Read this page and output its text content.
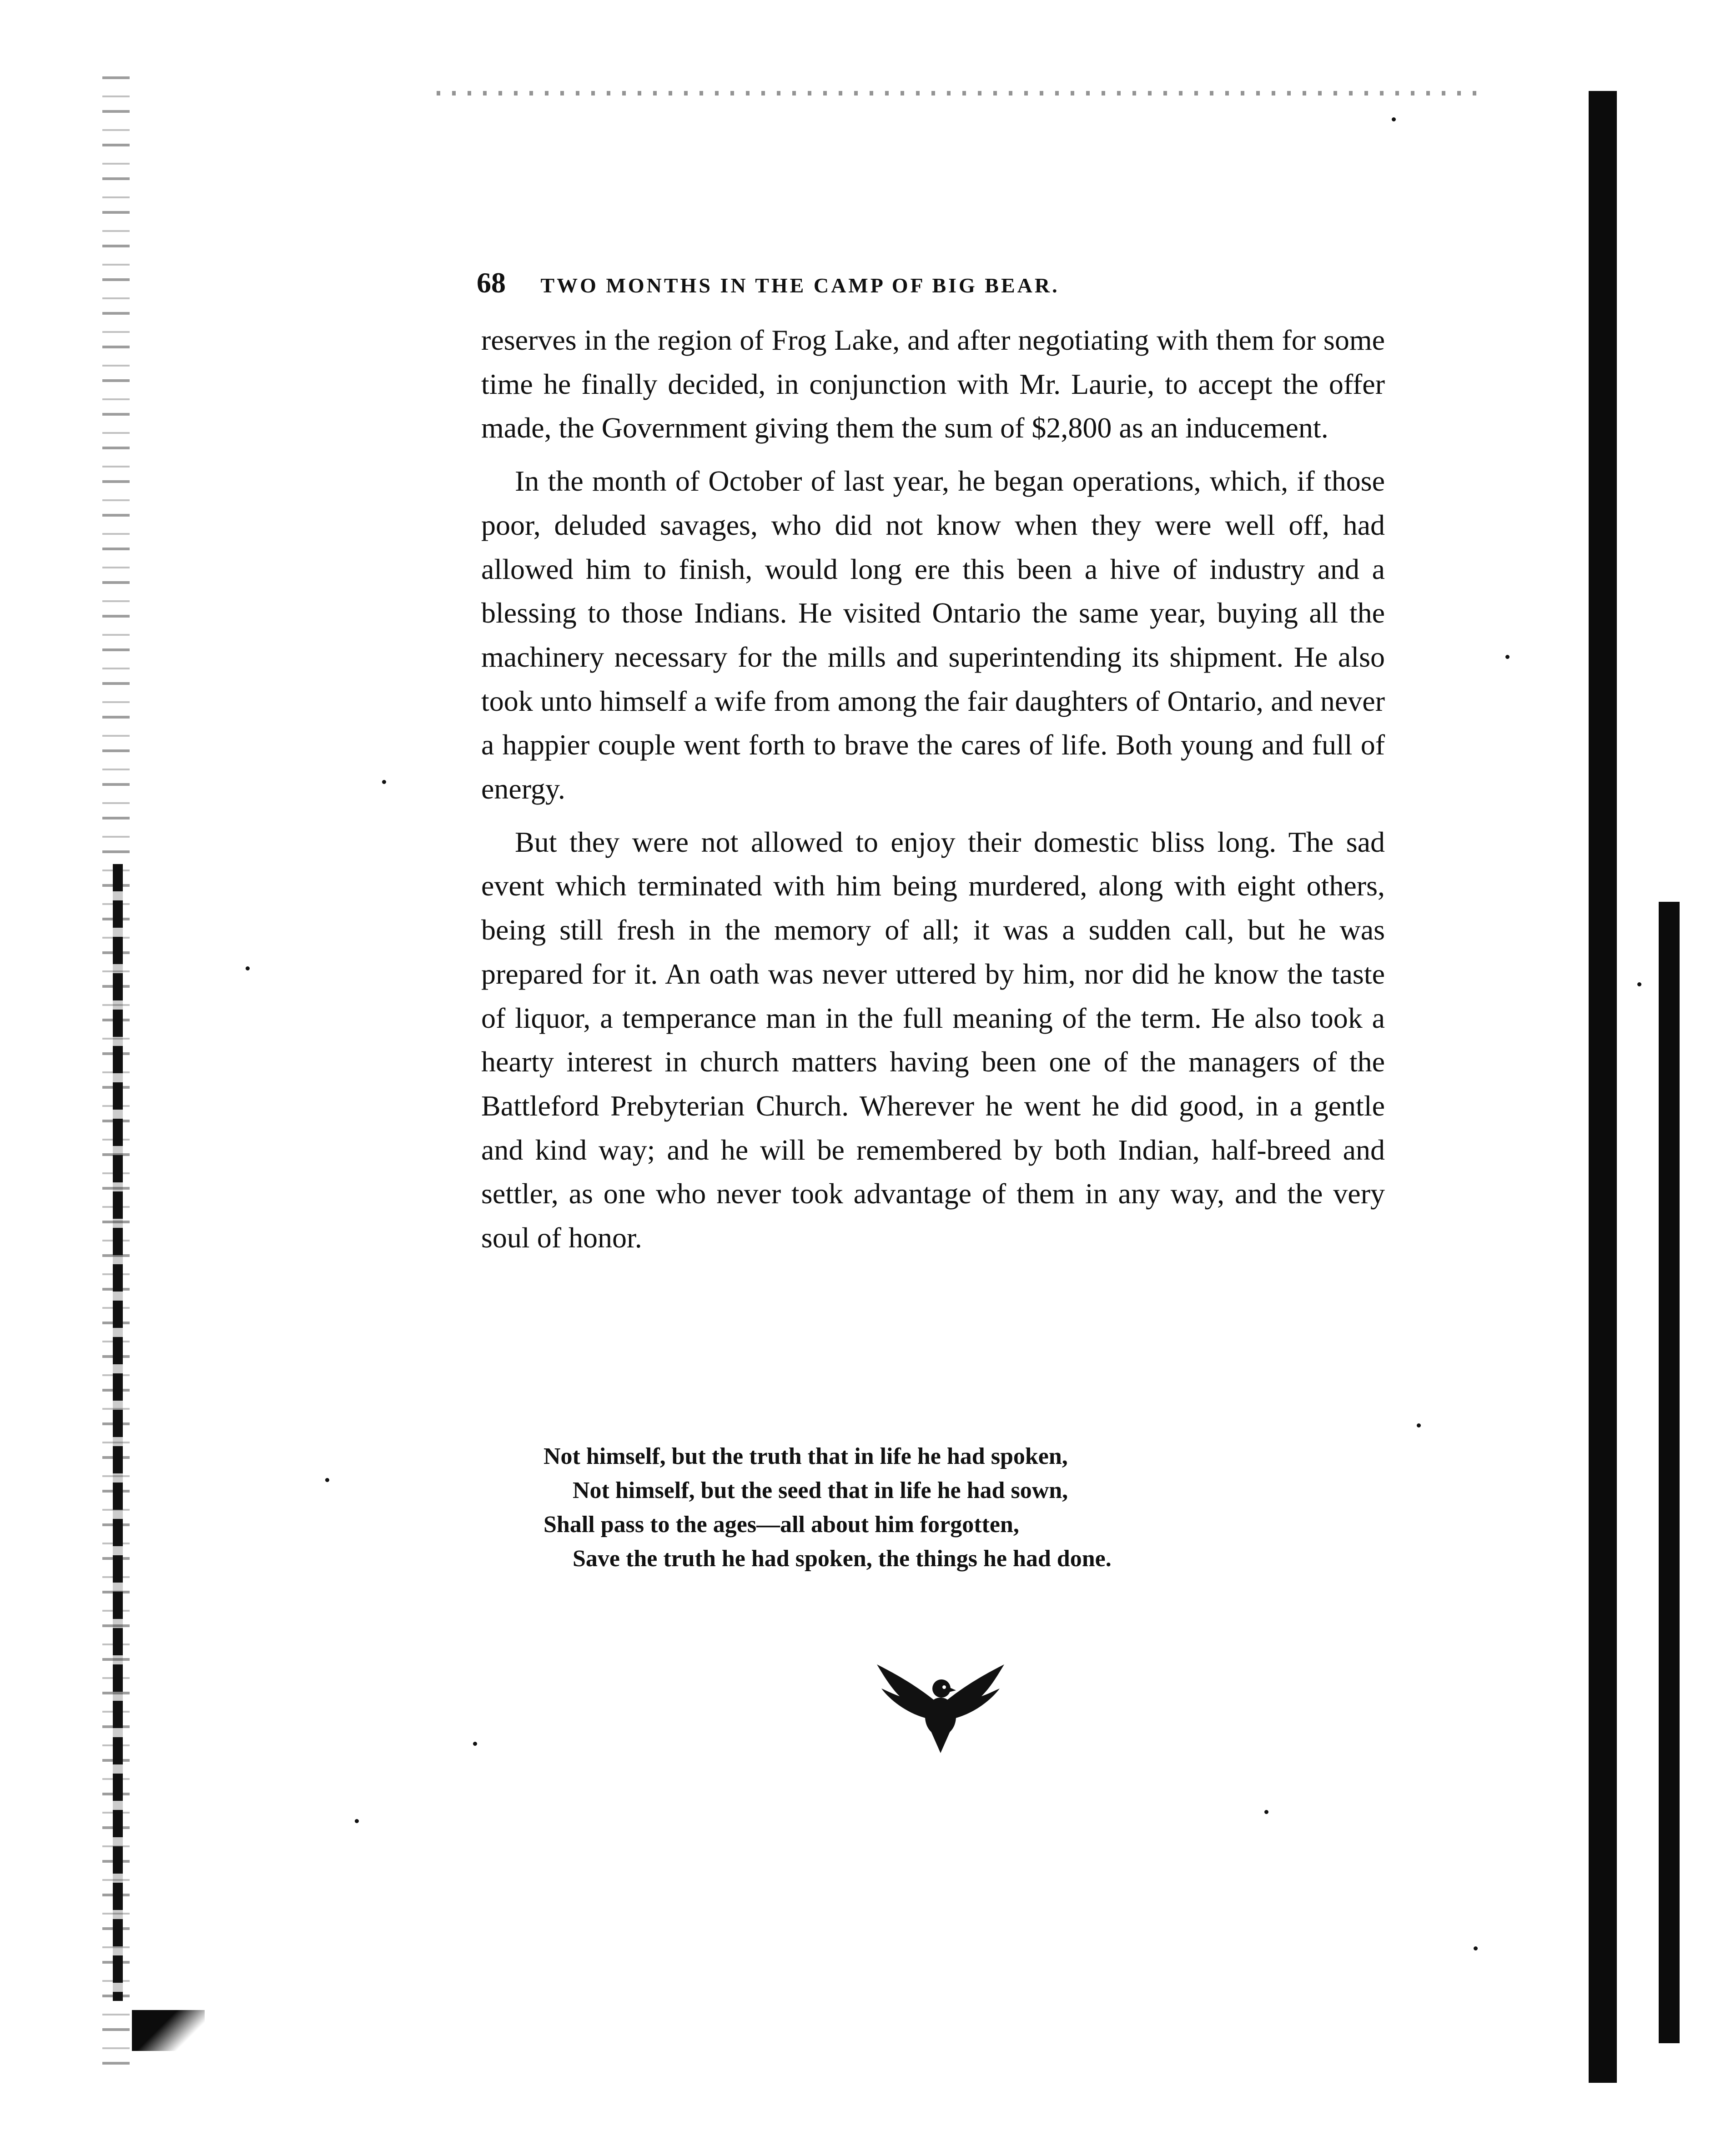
68 TWO MONTHS IN THE CAMP OF BIG BEAR.

reserves in the region of Frog Lake, and after negotiating with them for some time he finally decided, in conjunction with Mr. Laurie, to accept the offer made, the Government giving them the sum of $2,800 as an inducement.

In the month of October of last year, he began operations, which, if those poor, deluded savages, who did not know when they were well off, had allowed him to finish, would long ere this been a hive of industry and a blessing to those Indians. He visited Ontario the same year, buying all the machinery necessary for the mills and superintending its shipment. He also took unto himself a wife from among the fair daughters of Ontario, and never a happier couple went forth to brave the cares of life. Both young and full of energy.

But they were not allowed to enjoy their domestic bliss long. The sad event which terminated with him being murdered, along with eight others, being still fresh in the memory of all; it was a sudden call, but he was prepared for it. An oath was never uttered by him, nor did he know the taste of liquor, a temperance man in the full meaning of the term. He also took a hearty interest in church matters having been one of the managers of the Battleford Prebyterian Church. Wherever he went he did good, in a gentle and kind way; and he will be remembered by both Indian, half-breed and settler, as one who never took advantage of them in any way, and the very soul of honor.

Not himself, but the truth that in life he had spoken,
Not himself, but the seed that in life he had sown,
Shall pass to the ages—all about him forgotten,
Save the truth he had spoken, the things he had done.
